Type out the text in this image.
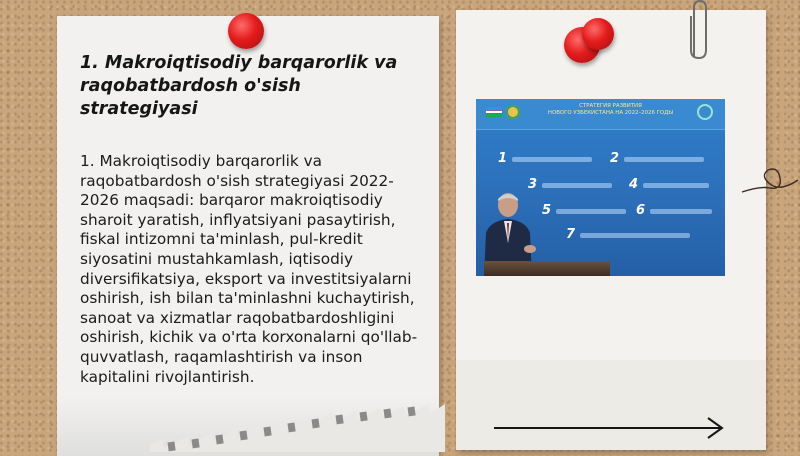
1. Makroiqtisodiy barqarorlik va raqobatbardosh o'sish strategiyasi

1. Makroiqtisodiy barqarorlik va raqobatbardosh o'sish strategiyasi 2022-2026 maqsadi: barqaror makroiqtisodiy sharoit yaratish, inflyatsiyani pasaytirish, fiskal intizomni ta'minlash, pul-kredit siyosatini mustahkamlash, iqtisodiy diversifikatsiya, eksport va investitsiyalarni oshirish, ish bilan ta'minlashni kuchaytirish, sanoat va xizmatlar raqobatbardoshligini oshirish, kichik va o'rta korxonalarni qo'llab-quvvatlash, raqamlashtirish va inson kapitalini rivojlantirish.

СТРАТЕГИЯ РАЗВИТИЯ
НОВОГО УЗБЕКИСТАНА НА 2022–2026 ГОДЫ
1	2
3	4
5	6
7
